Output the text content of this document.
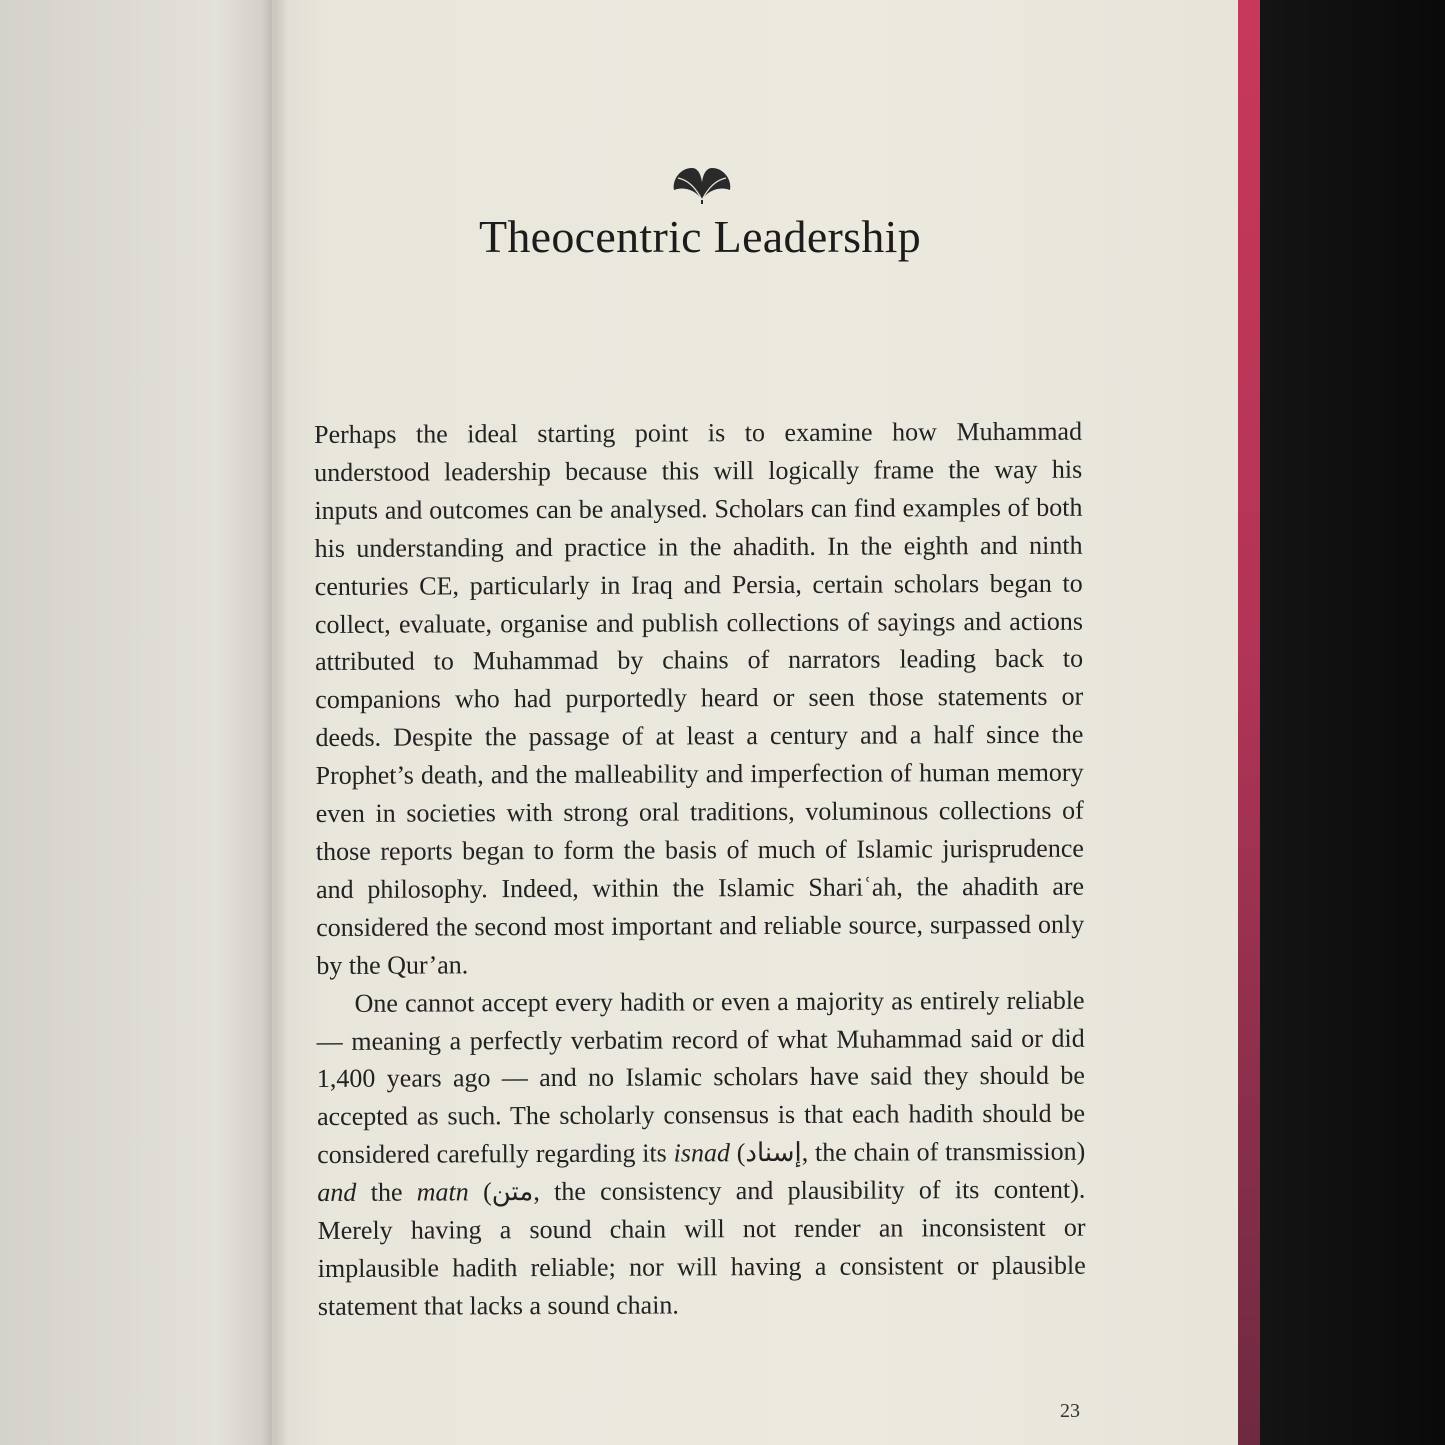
Theocentric Leadership

Perhaps the ideal starting point is to examine how Muhammad understood leadership because this will logically frame the way his inputs and outcomes can be analysed. Scholars can find examples of both his understanding and practice in the ahadith. In the eighth and ninth centuries CE, particularly in Iraq and Persia, certain scholars began to collect, evaluate, organise and publish collections of sayings and actions attributed to Muhammad by chains of narrators leading back to companions who had purportedly heard or seen those statements or deeds. Despite the passage of at least a century and a half since the Prophet’s death, and the malleability and imperfection of human memory even in societies with strong oral traditions, voluminous collections of those reports began to form the basis of much of Islamic jurisprudence and philosophy. Indeed, within the Islamic Shariʿah, the ahadith are considered the second most important and reliable source, surpassed only by the Qur’an.

One cannot accept every hadith or even a majority as entirely reliable — meaning a perfectly verbatim record of what Muhammad said or did 1,400 years ago — and no Islamic scholars have said they should be accepted as such. The scholarly consensus is that each hadith should be considered carefully regarding its isnad (إسناد, the chain of transmission) and the matn (متن, the consistency and plausibility of its content). Merely having a sound chain will not render an inconsistent or implausible hadith reliable; nor will having a consistent or plausible statement that lacks a sound chain.

23
